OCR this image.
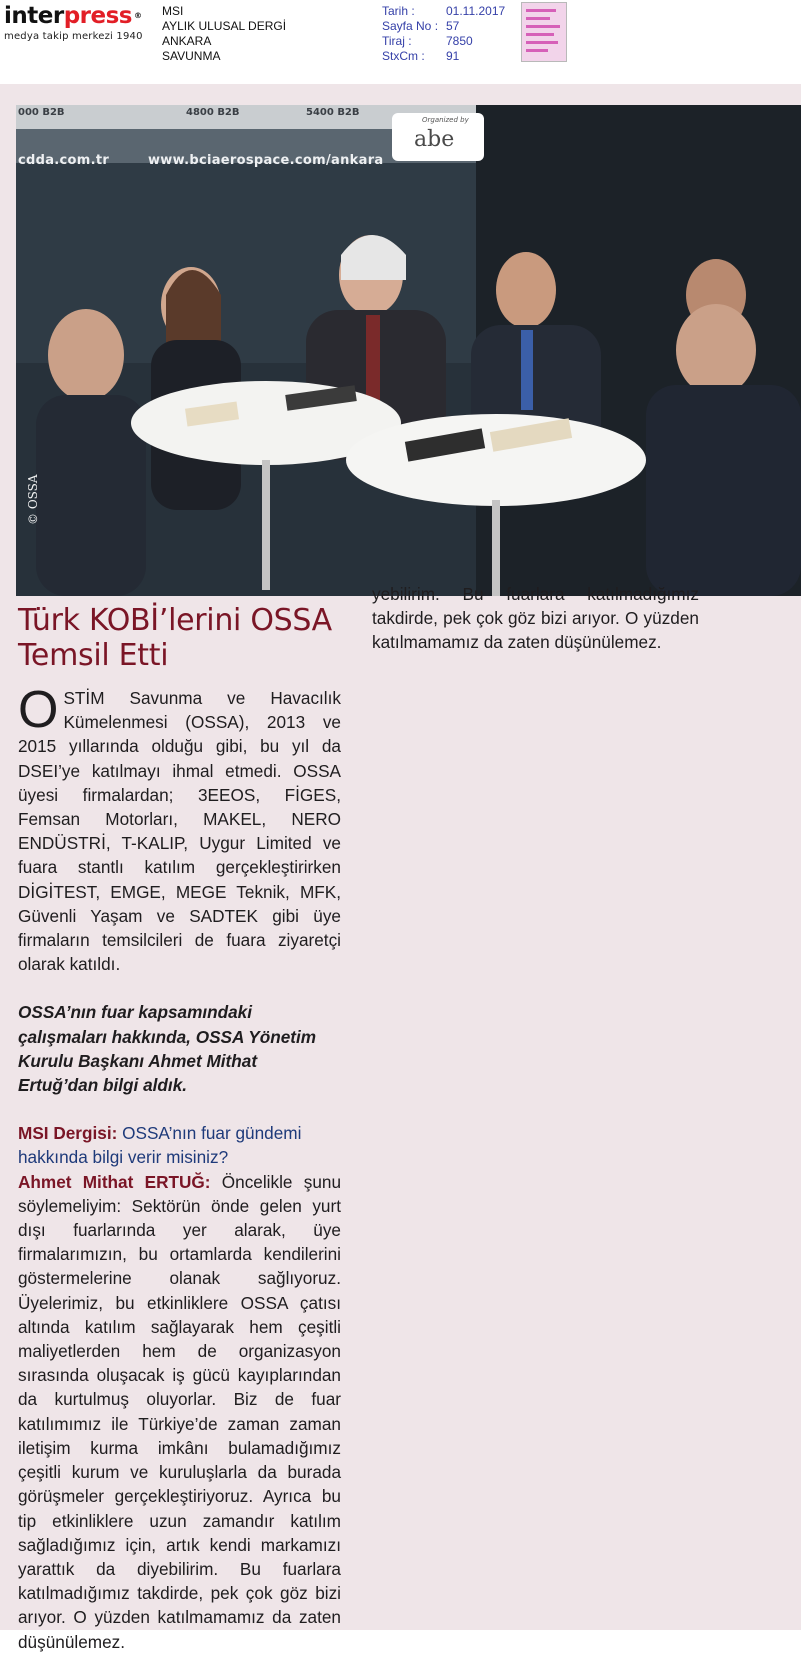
interpress ®
medya takip merkezi 1940
MSI
AYLIK ULUSAL DERGİ
ANKARA
SAVUNMA
Tarih :	01.11.2017
Sayfa No : 57
Tiraj :	7850
StxCm :	91
000 B2B	4800 B2B	5400 B2B
cdda.com.tr	www.bciaerospace.com/ankara
Organized by
abe
© OSSA
Türk KOBİ’lerini OSSA Temsil Etti

OSTİM Savunma ve Havacılık Kümelenmesi (OSSA), 2013 ve 2015 yıllarında olduğu gibi, bu yıl da DSEI’ye katılmayı ihmal etmedi. OSSA üyesi firmalardan; 3EEOS, FİGES, Femsan Motorları, MAKEL, NERO ENDÜSTRİ, T-KALIP, Uygur Limited ve fuara stantlı katılım gerçekleştirirken DİGİTEST, EMGE, MEGE Teknik, MFK, Güvenli Yaşam ve SADTEK gibi üye firmaların temsilcileri de fuara ziyaretçi olarak katıldı.

OSSA’nın fuar kapsamındaki çalışmaları hakkında, OSSA Yönetim Kurulu Başkanı Ahmet Mithat Ertuğ’dan bilgi aldık.

MSI Dergisi: OSSA’nın fuar gündemi hakkında bilgi verir misiniz?

Ahmet Mithat ERTUĞ: Öncelikle şunu söylemeliyim: Sektörün önde gelen yurt dışı fuarlarında yer alarak, üye firmalarımızın, bu ortamlarda kendilerini göstermelerine olanak sağlıyoruz. Üyelerimiz, bu etkinliklere OSSA çatısı altında katılım sağlayarak hem çeşitli maliyetlerden hem de organizasyon sırasında oluşacak iş gücü kayıplarından da kurtulmuş oluyorlar. Biz de fuar katılımımız ile Türkiye’de zaman zaman iletişim kurma imkânı bulamadığımız çeşitli kurum ve kuruluşlarla da burada görüşmeler gerçekleştiriyoruz. Ayrıca bu tip etkinliklere uzun zamandır katılım sağladığımız için, artık kendi markamızı yarattık da diyebilirim. Bu fuarlara katılmadığımız takdirde, pek çok göz bizi arıyor. O yüzden katılmamamız da zaten düşünülemez.

yebilirim. Bu fuarlara katılmadığımız takdirde, pek çok göz bizi arıyor. O yüzden katılmamamız da zaten düşünülemez.
